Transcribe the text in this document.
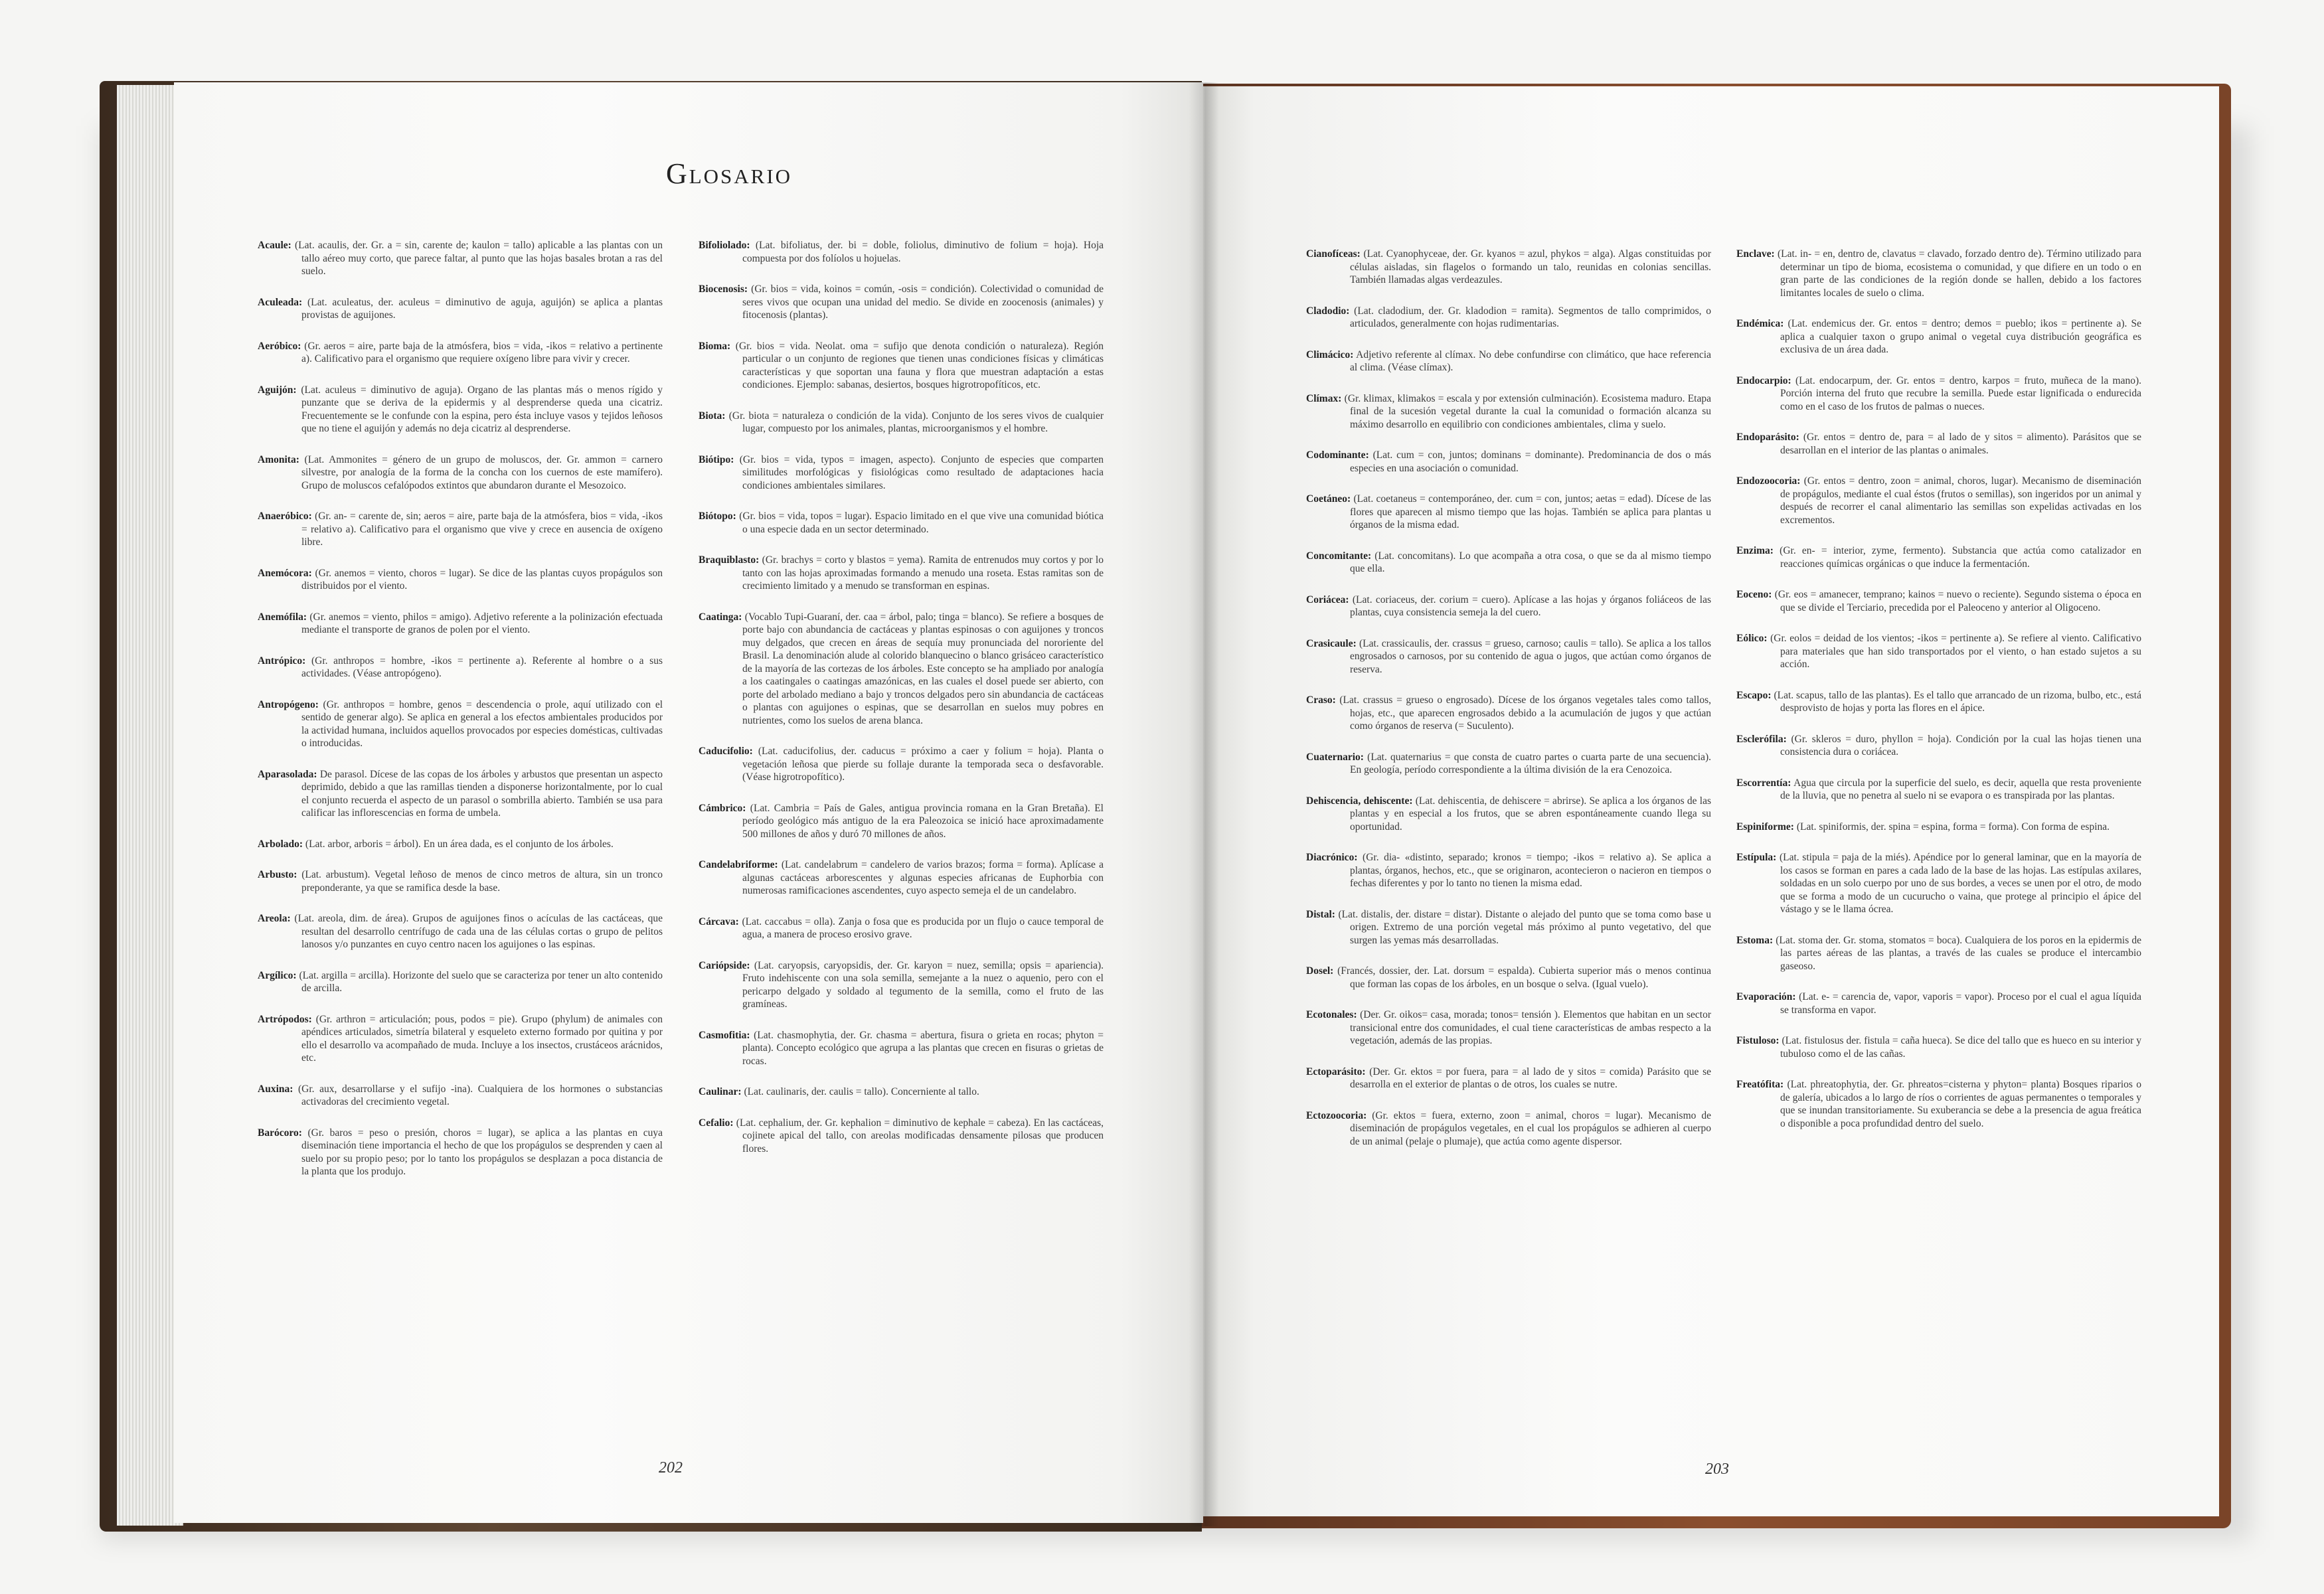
Glosario

Acaule: (Lat. acaulis, der. Gr. a = sin, carente de; kaulon = tallo) aplicable a las plantas con un tallo aéreo muy corto, que parece faltar, al punto que las hojas basales brotan a ras del suelo.

Aculeada: (Lat. aculeatus, der. aculeus = diminutivo de aguja, aguijón) se aplica a plantas provistas de aguijones.

Aeróbico: (Gr. aeros = aire, parte baja de la atmósfera, bios = vida, -ikos = relativo a pertinente a). Calificativo para el organismo que requiere oxígeno libre para vivir y crecer.

Aguijón: (Lat. aculeus = diminutivo de aguja). Organo de las plantas más o menos rígido y punzante que se deriva de la epidermis y al desprenderse queda una cicatriz. Frecuentemente se le confunde con la espina, pero ésta incluye vasos y tejidos leñosos que no tiene el aguijón y además no deja cicatriz al desprenderse.

Amonita: (Lat. Ammonites = género de un grupo de moluscos, der. Gr. ammon = carnero silvestre, por analogía de la forma de la concha con los cuernos de este mamífero). Grupo de moluscos cefalópodos extintos que abundaron durante el Mesozoico.

Anaeróbico: (Gr. an- = carente de, sin; aeros = aire, parte baja de la atmósfera, bios = vida, -ikos = relativo a). Calificativo para el organismo que vive y crece en ausencia de oxígeno libre.

Anemócora: (Gr. anemos = viento, choros = lugar). Se dice de las plantas cuyos propágulos son distribuidos por el viento.

Anemófila: (Gr. anemos = viento, philos = amigo). Adjetivo referente a la polinización efectuada mediante el transporte de granos de polen por el viento.

Antrópico: (Gr. anthropos = hombre, -ikos = pertinente a). Referente al hombre o a sus actividades. (Véase antropógeno).

Antropógeno: (Gr. anthropos = hombre, genos = descendencia o prole, aquí utilizado con el sentido de generar algo). Se aplica en general a los efectos ambientales producidos por la actividad humana, incluidos aquellos provocados por especies domésticas, cultivadas o introducidas.

Aparasolada: De parasol. Dícese de las copas de los árboles y arbustos que presentan un aspecto deprimido, debido a que las ramillas tienden a disponerse horizontalmente, por lo cual el conjunto recuerda el aspecto de un parasol o sombrilla abierto. También se usa para calificar las inflorescencias en forma de umbela.

Arbolado: (Lat. arbor, arboris = árbol). En un área dada, es el conjunto de los árboles.

Arbusto: (Lat. arbustum). Vegetal leñoso de menos de cinco metros de altura, sin un tronco preponderante, ya que se ramifica desde la base.

Areola: (Lat. areola, dim. de área). Grupos de aguijones finos o acículas de las cactáceas, que resultan del desarrollo centrífugo de cada una de las células cortas o grupo de pelitos lanosos y/o punzantes en cuyo centro nacen los aguijones o las espinas.

Argílico: (Lat. argilla = arcilla). Horizonte del suelo que se caracteriza por tener un alto contenido de arcilla.

Artrópodos: (Gr. arthron = articulación; pous, podos = pie). Grupo (phylum) de animales con apéndices articulados, simetría bilateral y esqueleto externo formado por quitina y por ello el desarrollo va acompañado de muda. Incluye a los insectos, crustáceos arácnidos, etc.

Auxina: (Gr. aux, desarrollarse y el sufijo -ina). Cualquiera de los hormones o substancias activadoras del crecimiento vegetal.

Barócoro: (Gr. baros = peso o presión, choros = lugar), se aplica a las plantas en cuya diseminación tiene importancia el hecho de que los propágulos se desprenden y caen al suelo por su propio peso; por lo tanto los propágulos se desplazan a poca distancia de la planta que los produjo.

Bifoliolado: (Lat. bifoliatus, der. bi = doble, foliolus, diminutivo de folium = hoja). Hoja compuesta por dos folíolos u hojuelas.

Biocenosis: (Gr. bios = vida, koinos = común, -osis = condición). Colectividad o comunidad de seres vivos que ocupan una unidad del medio. Se divide en zoocenosis (animales) y fitocenosis (plantas).

Bioma: (Gr. bios = vida. Neolat. oma = sufijo que denota condición o naturaleza). Región particular o un conjunto de regiones que tienen unas condiciones físicas y climáticas características y que soportan una fauna y flora que muestran adaptación a estas condiciones. Ejemplo: sabanas, desiertos, bosques higrotropofíticos, etc.

Biota: (Gr. biota = naturaleza o condición de la vida). Conjunto de los seres vivos de cualquier lugar, compuesto por los animales, plantas, microorganismos y el hombre.

Biótipo: (Gr. bios = vida, typos = imagen, aspecto). Conjunto de especies que comparten similitudes morfológicas y fisiológicas como resultado de adaptaciones hacia condiciones ambientales similares.

Biótopo: (Gr. bios = vida, topos = lugar). Espacio limitado en el que vive una comunidad biótica o una especie dada en un sector determinado.

Braquiblasto: (Gr. brachys = corto y blastos = yema). Ramita de entrenudos muy cortos y por lo tanto con las hojas aproximadas formando a menudo una roseta. Estas ramitas son de crecimiento limitado y a menudo se transforman en espinas.

Caatinga: (Vocablo Tupi-Guaraní, der. caa = árbol, palo; tinga = blanco). Se refiere a bosques de porte bajo con abundancia de cactáceas y plantas espinosas o con aguijones y troncos muy delgados, que crecen en áreas de sequía muy pronunciada del nororiente del Brasil. La denominación alude al colorido blanquecino o blanco grisáceo característico de la mayoría de las cortezas de los árboles. Este concepto se ha ampliado por analogía a los caatingales o caatingas amazónicas, en las cuales el dosel puede ser abierto, con porte del arbolado mediano a bajo y troncos delgados pero sin abundancia de cactáceas o plantas con aguijones o espinas, que se desarrollan en suelos muy pobres en nutrientes, como los suelos de arena blanca.

Caducifolio: (Lat. caducifolius, der. caducus = próximo a caer y folium = hoja). Planta o vegetación leñosa que pierde su follaje durante la temporada seca o desfavorable. (Véase higrotropofítico).

Cámbrico: (Lat. Cambria = País de Gales, antigua provincia romana en la Gran Bretaña). El período geológico más antiguo de la era Paleozoica se inició hace aproximadamente 500 millones de años y duró 70 millones de años.

Candelabriforme: (Lat. candelabrum = candelero de varios brazos; forma = forma). Aplícase a algunas cactáceas arborescentes y algunas especies africanas de Euphorbia con numerosas ramificaciones ascendentes, cuyo aspecto semeja el de un candelabro.

Cárcava: (Lat. caccabus = olla). Zanja o fosa que es producida por un flujo o cauce temporal de agua, a manera de proceso erosivo grave.

Cariópside: (Lat. caryopsis, caryopsidis, der. Gr. karyon = nuez, semilla; opsis = apariencia). Fruto indehiscente con una sola semilla, semejante a la nuez o aquenio, pero con el pericarpo delgado y soldado al tegumento de la semilla, como el fruto de las gramíneas.

Casmofitia: (Lat. chasmophytia, der. Gr. chasma = abertura, fisura o grieta en rocas; phyton = planta). Concepto ecológico que agrupa a las plantas que crecen en fisuras o grietas de rocas.

Caulinar: (Lat. caulinaris, der. caulis = tallo). Concerniente al tallo.

Cefalio: (Lat. cephalium, der. Gr. kephalion = diminutivo de kephale = cabeza). En las cactáceas, cojinete apical del tallo, con areolas modificadas densamente pilosas que producen flores.

Cianofíceas: (Lat. Cyanophyceae, der. Gr. kyanos = azul, phykos = alga). Algas constituidas por células aisladas, sin flagelos o formando un talo, reunidas en colonias sencillas. También llamadas algas verdeazules.

Cladodio: (Lat. cladodium, der. Gr. kladodion = ramita). Segmentos de tallo comprimidos, o articulados, generalmente con hojas rudimentarias.

Climácico: Adjetivo referente al clímax. No debe confundirse con climático, que hace referencia al clima. (Véase clímax).

Clímax: (Gr. klimax, klimakos = escala y por extensión culminación). Ecosistema maduro. Etapa final de la sucesión vegetal durante la cual la comunidad o formación alcanza su máximo desarrollo en equilibrio con condiciones ambientales, clima y suelo.

Codominante: (Lat. cum = con, juntos; dominans = dominante). Predominancia de dos o más especies en una asociación o comunidad.

Coetáneo: (Lat. coetaneus = contemporáneo, der. cum = con, juntos; aetas = edad). Dícese de las flores que aparecen al mismo tiempo que las hojas. También se aplica para plantas u órganos de la misma edad.

Concomitante: (Lat. concomitans). Lo que acompaña a otra cosa, o que se da al mismo tiempo que ella.

Coriácea: (Lat. coriaceus, der. corium = cuero). Aplícase a las hojas y órganos foliáceos de las plantas, cuya consistencia semeja la del cuero.

Crasicaule: (Lat. crassicaulis, der. crassus = grueso, carnoso; caulis = tallo). Se aplica a los tallos engrosados o carnosos, por su contenido de agua o jugos, que actúan como órganos de reserva.

Craso: (Lat. crassus = grueso o engrosado). Dícese de los órganos vegetales tales como tallos, hojas, etc., que aparecen engrosados debido a la acumulación de jugos y que actúan como órganos de reserva (= Suculento).

Cuaternario: (Lat. quaternarius = que consta de cuatro partes o cuarta parte de una secuencia). En geología, período correspondiente a la última división de la era Cenozoica.

Dehiscencia, dehiscente: (Lat. dehiscentia, de dehiscere = abrirse). Se aplica a los órganos de las plantas y en especial a los frutos, que se abren espontáneamente cuando llega su oportunidad.

Diacrónico: (Gr. dia- «distinto, separado; kronos = tiempo; -ikos = relativo a). Se aplica a plantas, órganos, hechos, etc., que se originaron, acontecieron o nacieron en tiempos o fechas diferentes y por lo tanto no tienen la misma edad.

Distal: (Lat. distalis, der. distare = distar). Distante o alejado del punto que se toma como base u origen. Extremo de una porción vegetal más próximo al punto vegetativo, del que surgen las yemas más desarrolladas.

Dosel: (Francés, dossier, der. Lat. dorsum = espalda). Cubierta superior más o menos continua que forman las copas de los árboles, en un bosque o selva. (Igual vuelo).

Ecotonales: (Der. Gr. oikos= casa, morada; tonos= tensión ). Elementos que habitan en un sector transicional entre dos comunidades, el cual tiene características de ambas respecto a la vegetación, además de las propias.

Ectoparásito: (Der. Gr. ektos = por fuera, para = al lado de y sitos = comida) Parásito que se desarrolla en el exterior de plantas o de otros, los cuales se nutre.

Ectozoocoria: (Gr. ektos = fuera, externo, zoon = animal, choros = lugar). Mecanismo de diseminación de propágulos vegetales, en el cual los propágulos se adhieren al cuerpo de un animal (pelaje o plumaje), que actúa como agente dispersor.

Enclave: (Lat. in- = en, dentro de, clavatus = clavado, forzado dentro de). Término utilizado para determinar un tipo de bioma, ecosistema o comunidad, y que difiere en un todo o en gran parte de las condiciones de la región donde se hallen, debido a los factores limitantes locales de suelo o clima.

Endémica: (Lat. endemicus der. Gr. entos = dentro; demos = pueblo; ikos = pertinente a). Se aplica a cualquier taxon o grupo animal o vegetal cuya distribución geográfica es exclusiva de un área dada.

Endocarpio: (Lat. endocarpum, der. Gr. entos = dentro, karpos = fruto, muñeca de la mano). Porción interna del fruto que recubre la semilla. Puede estar lignificada o endurecida como en el caso de los frutos de palmas o nueces.

Endoparásito: (Gr. entos = dentro de, para = al lado de y sitos = alimento). Parásitos que se desarrollan en el interior de las plantas o animales.

Endozoocoria: (Gr. entos = dentro, zoon = animal, choros, lugar). Mecanismo de diseminación de propágulos, mediante el cual éstos (frutos o semillas), son ingeridos por un animal y después de recorrer el canal alimentario las semillas son expelidas activadas en los excrementos.

Enzima: (Gr. en- = interior, zyme, fermento). Substancia que actúa como catalizador en reacciones químicas orgánicas o que induce la fermentación.

Eoceno: (Gr. eos = amanecer, temprano; kainos = nuevo o reciente). Segundo sistema o época en que se divide el Terciario, precedida por el Paleoceno y anterior al Oligoceno.

Eólico: (Gr. eolos = deidad de los vientos; -ikos = pertinente a). Se refiere al viento. Calificativo para materiales que han sido transportados por el viento, o han estado sujetos a su acción.

Escapo: (Lat. scapus, tallo de las plantas). Es el tallo que arrancado de un rizoma, bulbo, etc., está desprovisto de hojas y porta las flores en el ápice.

Esclerófila: (Gr. skleros = duro, phyllon = hoja). Condición por la cual las hojas tienen una consistencia dura o coriácea.

Escorrentía: Agua que circula por la superficie del suelo, es decir, aquella que resta proveniente de la lluvia, que no penetra al suelo ni se evapora o es transpirada por las plantas.

Espiniforme: (Lat. spiniformis, der. spina = espina, forma = forma). Con forma de espina.

Estípula: (Lat. stipula = paja de la miés). Apéndice por lo general laminar, que en la mayoría de los casos se forman en pares a cada lado de la base de las hojas. Las estípulas axilares, soldadas en un solo cuerpo por uno de sus bordes, a veces se unen por el otro, de modo que se forma a modo de un cucurucho o vaina, que protege al principio el ápice del vástago y se le llama ócrea.

Estoma: (Lat. stoma der. Gr. stoma, stomatos = boca). Cualquiera de los poros en la epidermis de las partes aéreas de las plantas, a través de las cuales se produce el intercambio gaseoso.

Evaporación: (Lat. e- = carencia de, vapor, vaporis = vapor). Proceso por el cual el agua líquida se transforma en vapor.

Fistuloso: (Lat. fistulosus der. fistula = caña hueca). Se dice del tallo que es hueco en su interior y tubuloso como el de las cañas.

Freatófita: (Lat. phreatophytia, der. Gr. phreatos=cisterna y phyton= planta) Bosques riparios o de galería, ubicados a lo largo de ríos o corrientes de aguas permanentes o temporales y que se inundan transitoriamente. Su exuberancia se debe a la presencia de agua freática o disponible a poca profundidad dentro del suelo.

202	203
